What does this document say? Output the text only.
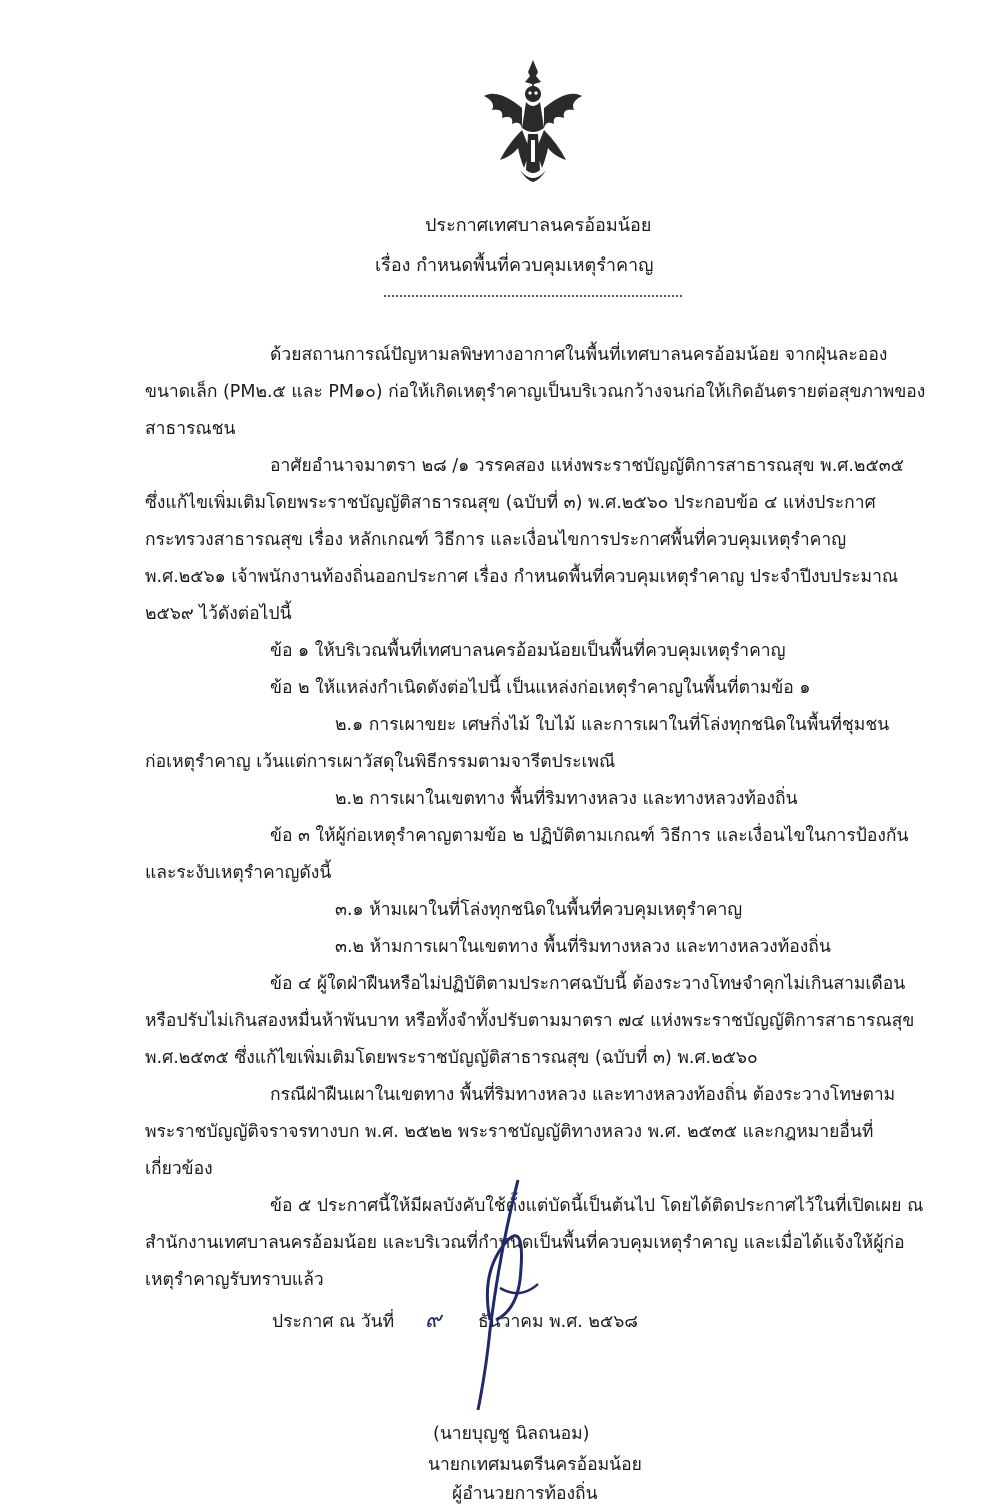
ประกาศเทศบาลนครอ้อมน้อย
เรื่อง กำหนดพื้นที่ควบคุมเหตุรำคาญ
ด้วยสถานการณ์ปัญหามลพิษทางอากาศในพื้นที่เทศบาลนครอ้อมน้อย จากฝุ่นละออง
ขนาดเล็ก (PM๒.๕ และ PM๑๐) ก่อให้เกิดเหตุรำคาญเป็นบริเวณกว้างจนก่อให้เกิดอันตรายต่อสุขภาพของ
สาธารณชน
อาศัยอำนาจมาตรา ๒๘ /๑ วรรคสอง แห่งพระราชบัญญัติการสาธารณสุข พ.ศ.๒๕๓๕
ซึ่งแก้ไขเพิ่มเติมโดยพระราชบัญญัติสาธารณสุข (ฉบับที่ ๓) พ.ศ.๒๕๖๐ ประกอบข้อ ๔ แห่งประกาศ
กระทรวงสาธารณสุข เรื่อง หลักเกณฑ์ วิธีการ และเงื่อนไขการประกาศพื้นที่ควบคุมเหตุรำคาญ
พ.ศ.๒๕๖๑ เจ้าพนักงานท้องถิ่นออกประกาศ เรื่อง กำหนดพื้นที่ควบคุมเหตุรำคาญ ประจำปีงบประมาณ
๒๕๖๙ ไว้ดังต่อไปนี้
ข้อ ๑ ให้บริเวณพื้นที่เทศบาลนครอ้อมน้อยเป็นพื้นที่ควบคุมเหตุรำคาญ
ข้อ ๒ ให้แหล่งกำเนิดดังต่อไปนี้ เป็นแหล่งก่อเหตุรำคาญในพื้นที่ตามข้อ ๑
๒.๑ การเผาขยะ เศษกิ่งไม้ ใบไม้ และการเผาในที่โล่งทุกชนิดในพื้นที่ชุมชน
ก่อเหตุรำคาญ เว้นแต่การเผาวัสดุในพิธีกรรมตามจารีตประเพณี
๒.๒ การเผาในเขตทาง พื้นที่ริมทางหลวง และทางหลวงท้องถิ่น
ข้อ ๓ ให้ผู้ก่อเหตุรำคาญตามข้อ ๒ ปฏิบัติตามเกณฑ์ วิธีการ และเงื่อนไขในการป้องกัน
และระงับเหตุรำคาญดังนี้
๓.๑ ห้ามเผาในที่โล่งทุกชนิดในพื้นที่ควบคุมเหตุรำคาญ
๓.๒ ห้ามการเผาในเขตทาง พื้นที่ริมทางหลวง และทางหลวงท้องถิ่น
ข้อ ๔ ผู้ใดฝ่าฝืนหรือไม่ปฏิบัติตามประกาศฉบับนี้ ต้องระวางโทษจำคุกไม่เกินสามเดือน
หรือปรับไม่เกินสองหมื่นห้าพันบาท หรือทั้งจำทั้งปรับตามมาตรา ๗๔ แห่งพระราชบัญญัติการสาธารณสุข
พ.ศ.๒๕๓๕ ซึ่งแก้ไขเพิ่มเติมโดยพระราชบัญญัติสาธารณสุข (ฉบับที่ ๓) พ.ศ.๒๕๖๐
กรณีฝ่าฝืนเผาในเขตทาง พื้นที่ริมทางหลวง และทางหลวงท้องถิ่น ต้องระวางโทษตาม
พระราชบัญญัติจราจรทางบก พ.ศ. ๒๕๒๒ พระราชบัญญัติทางหลวง พ.ศ. ๒๕๓๕ และกฎหมายอื่นที่
เกี่ยวข้อง
ข้อ ๕ ประกาศนี้ให้มีผลบังคับใช้ตั้งแต่บัดนี้เป็นต้นไป โดยได้ติดประกาศไว้ในที่เปิดเผย ณ
สำนักงานเทศบาลนครอ้อมน้อย และบริเวณที่กำหนดเป็นพื้นที่ควบคุมเหตุรำคาญ และเมื่อได้แจ้งให้ผู้ก่อ
เหตุรำคาญรับทราบแล้ว
ประกาศ ณ วันที่ ๙ ธันวาคม พ.ศ. ๒๕๖๘
(นายบุญชู นิลถนอม)
นายกเทศมนตรีนครอ้อมน้อย
ผู้อำนวยการท้องถิ่น
